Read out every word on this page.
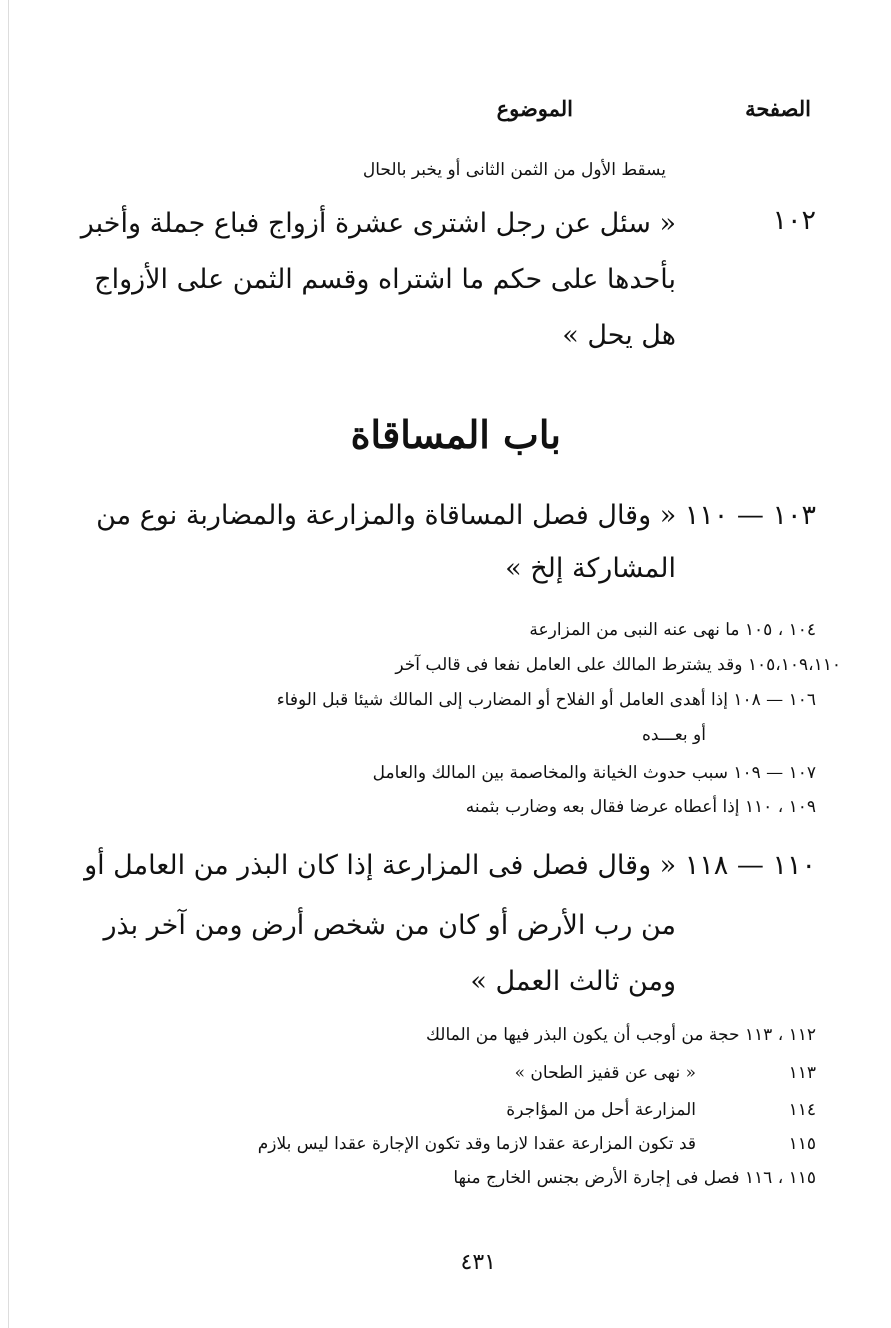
الصفحة
الموضوع
يسقط الأول من الثمن الثانى أو يخبر بالحال
١٠٢
« سئل عن رجل اشترى عشرة أزواج فباع جملة وأخبر
بأحدها على حكم ما اشتراه وقسم الثمن على الأزواج
هل يحل »
باب المساقاة
١٠٣ — ١١٠ « وقال فصل المساقاة والمزارعة والمضاربة نوع من
المشاركة إلخ »
١٠٤ ، ١٠٥ ما نهى عنه النبى من المزارعة
١٠٥،١٠٩،١١٠ وقد يشترط المالك على العامل نفعا فى قالب آخر
١٠٦ — ١٠٨ إذا أهدى العامل أو الفلاح أو المضارب إلى المالك شيئا قبل الوفاء
أو بعـــده
١٠٧ — ١٠٩ سبب حدوث الخيانة والمخاصمة بين المالك والعامل
١٠٩ ، ١١٠ إذا أعطاه عرضا فقال بعه وضارب بثمنه
١١٠ — ١١٨ « وقال فصل فى المزارعة إذا كان البذر من العامل أو
من رب الأرض أو كان من شخص أرض ومن آخر بذر
ومن ثالث العمل »
١١٢ ، ١١٣ حجة من أوجب أن يكون البذر فيها من المالك
١١٣
« نهى عن قفيز الطحان »
١١٤
المزارعة أحل من المؤاجرة
١١٥
قد تكون المزارعة عقدا لازما وقد تكون الإجارة عقدا ليس بلازم
١١٥ ، ١١٦ فصل فى إجارة الأرض بجنس الخارج منها
٤٣١
